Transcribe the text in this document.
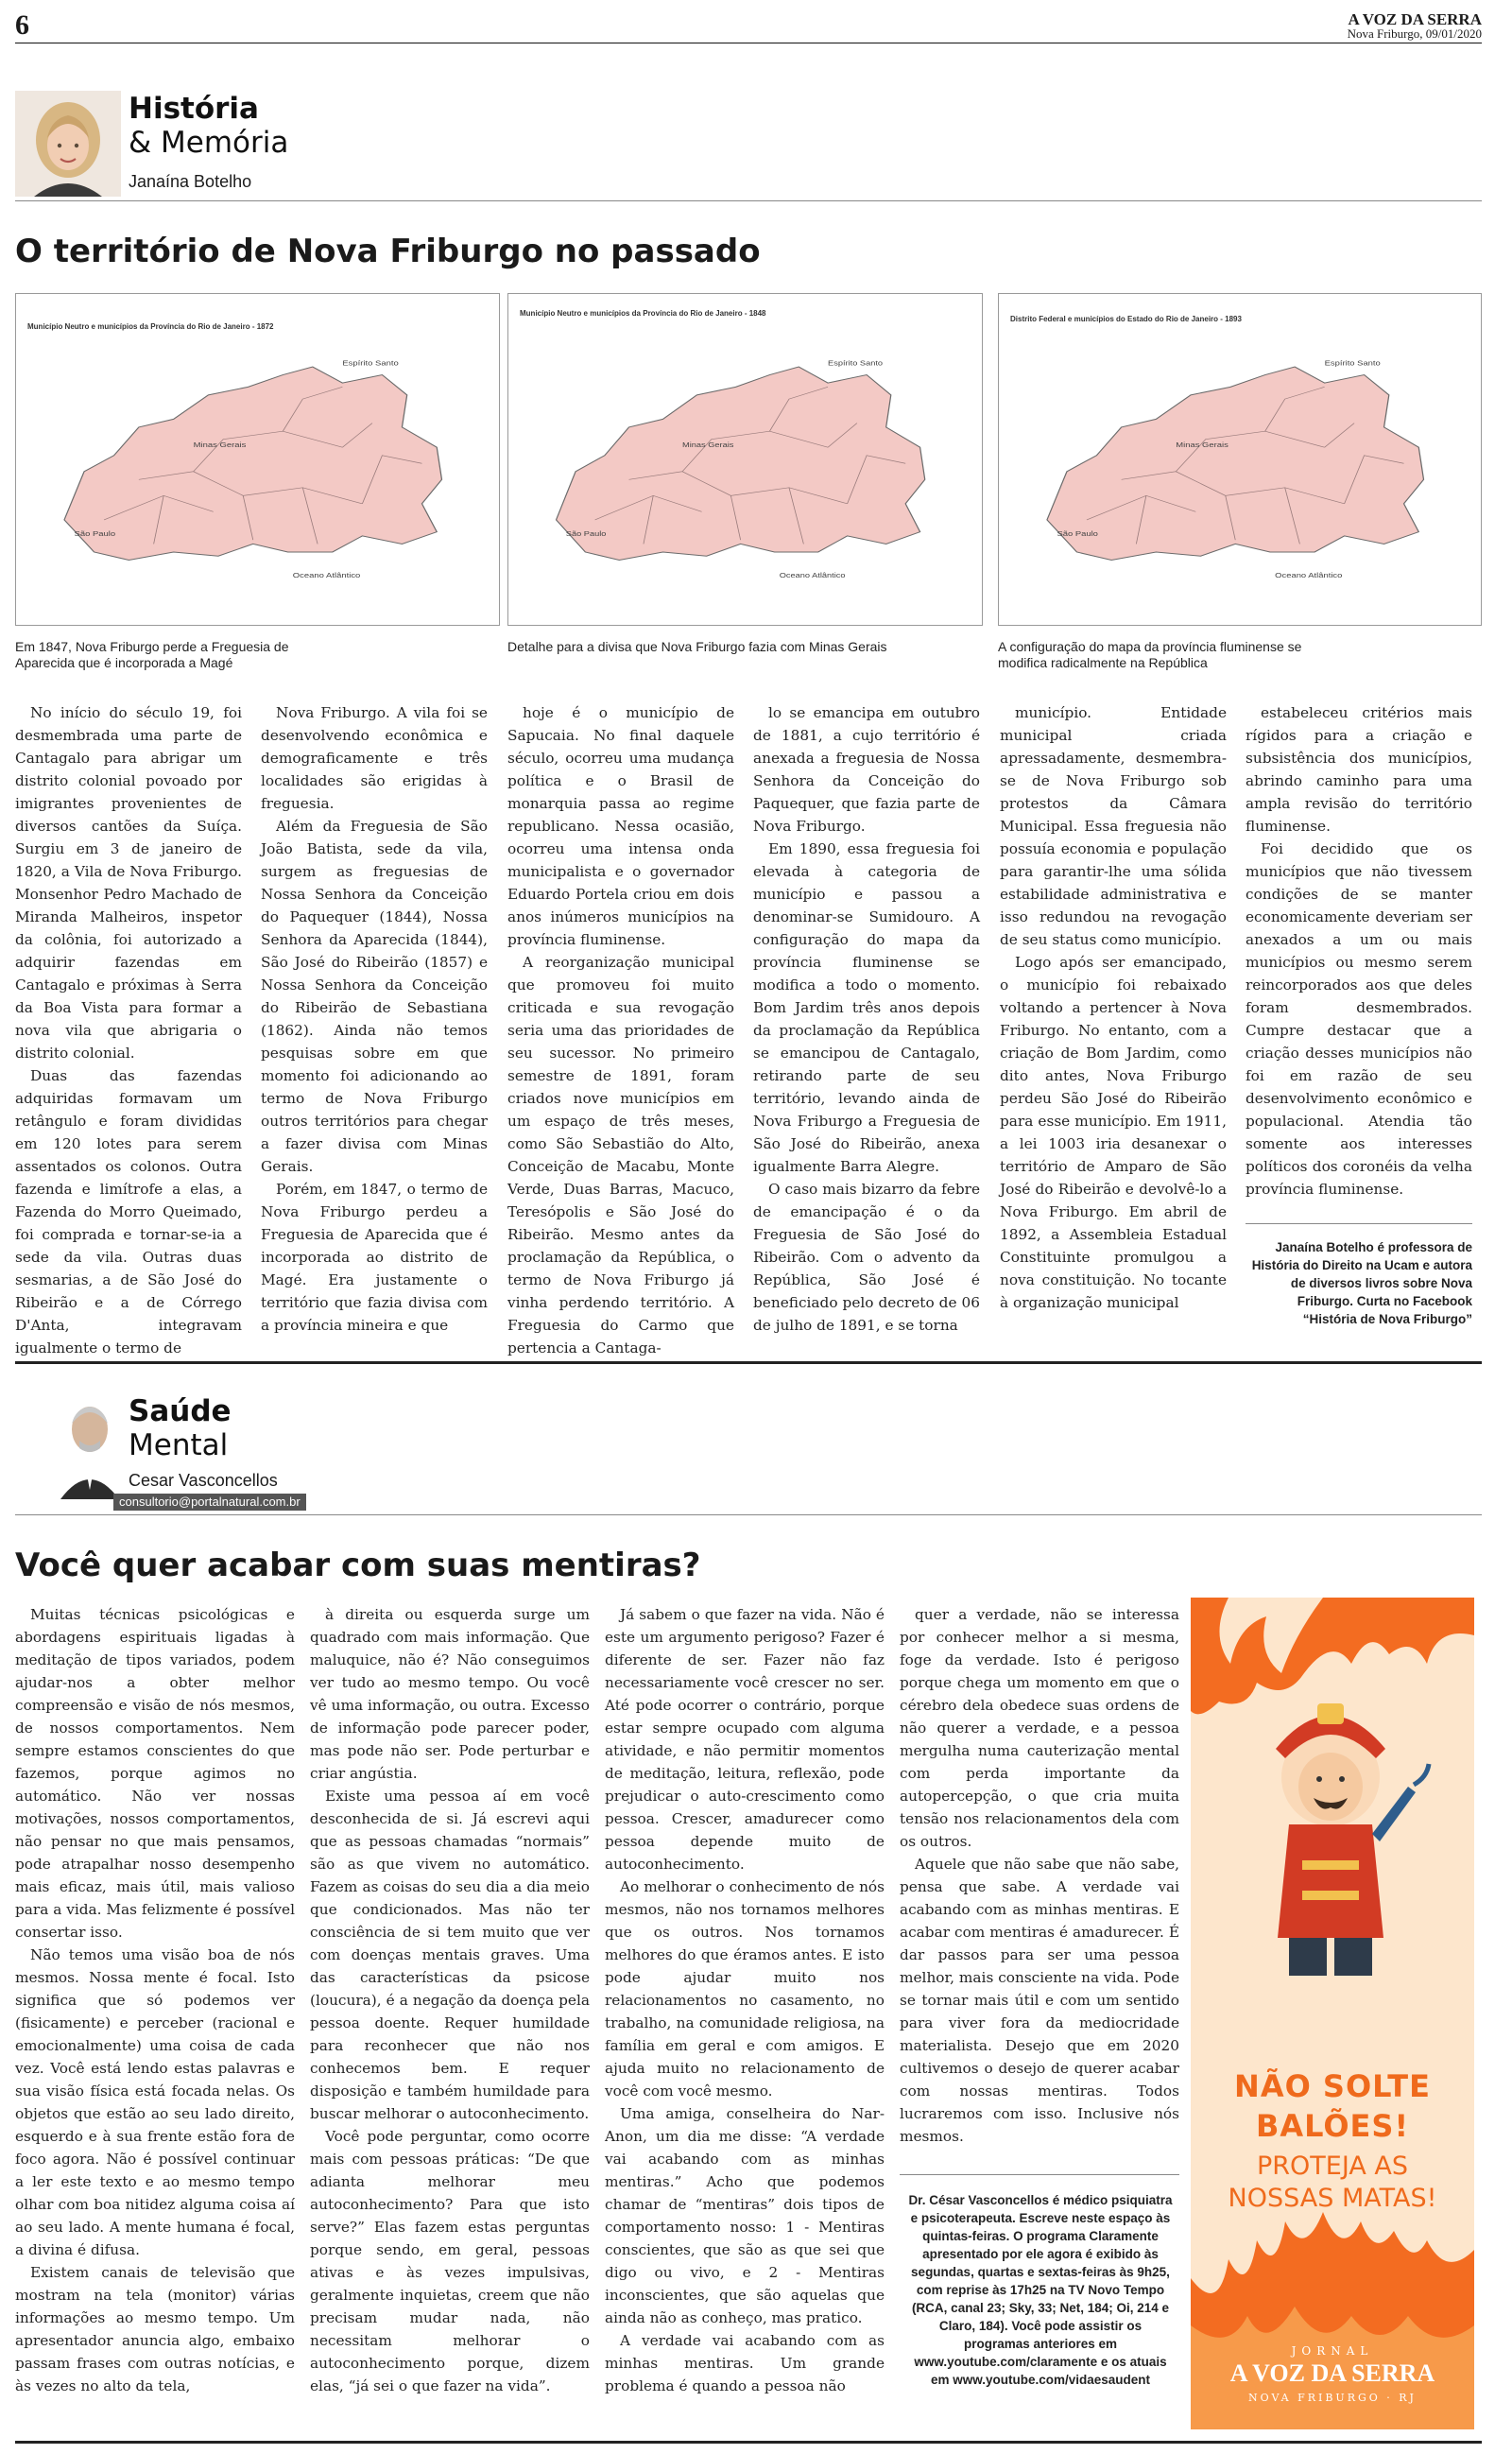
6	A VOZ DA SERRA
Nova Friburgo, 09/01/2020
História
& Memória
Janaína Botelho
O território de Nova Friburgo no passado
Minas Gerais
São Paulo
Espírito Santo
Oceano Atlântico
Município Neutro e municípios da Província do Rio de Janeiro - 1872
Minas Gerais
São Paulo
Espírito Santo
Oceano Atlântico
Município Neutro e municípios da Província do Rio de Janeiro - 1848
Minas Gerais
São Paulo
Espírito Santo
Oceano Atlântico
Distrito Federal e municípios do Estado do Rio de Janeiro - 1893
Em 1847, Nova Friburgo perde a Freguesia de Aparecida que é incorporada a Magé
Detalhe para a divisa que Nova Friburgo fazia com Minas Gerais	A configuração do mapa da província fluminense se modifica radicalmente na República

No início do século 19, foi desmembrada uma parte de Cantagalo para abrigar um distrito colonial povoado por imigrantes provenientes de diversos cantões da Suíça. Surgiu em 3 de janeiro de 1820, a Vila de Nova Friburgo. Monsenhor Pedro Machado de Miranda Malheiros, inspetor da colônia, foi autorizado a adquirir fazendas em Cantagalo e próximas à Serra da Boa Vista para formar a nova vila que abrigaria o distrito colonial.

Duas das fazendas adquiridas formavam um retângulo e foram divididas em 120 lotes para serem assentados os colonos. Outra fazenda e limítrofe a elas, a Fazenda do Morro Queimado, foi comprada e tornar-se-ia a sede da vila. Outras duas sesmarias, a de São José do Ribeirão e a de Córrego D'Anta, integravam igualmente o termo de

Nova Friburgo. A vila foi se desenvolvendo econômica e demograficamente e três localidades são erigidas à freguesia.

Além da Freguesia de São João Batista, sede da vila, surgem as freguesias de Nossa Senhora da Conceição do Paquequer (1844), Nossa Senhora da Aparecida (1844), São José do Ribeirão (1857) e Nossa Senhora da Conceição do Ribeirão de Sebastiana (1862). Ainda não temos pesquisas sobre em que momento foi adicionando ao termo de Nova Friburgo outros territórios para chegar a fazer divisa com Minas Gerais.

Porém, em 1847, o termo de Nova Friburgo perdeu a Freguesia de Aparecida que é incorporada ao distrito de Magé. Era justamente o território que fazia divisa com a província mineira e que

hoje é o município de Sapucaia. No final daquele século, ocorreu uma mudança política e o Brasil de monarquia passa ao regime republicano. Nessa ocasião, ocorreu uma intensa onda municipalista e o governador Eduardo Portela criou em dois anos inúmeros municípios na província fluminense.

A reorganização municipal que promoveu foi muito criticada e sua revogação seria uma das prioridades de seu sucessor. No primeiro semestre de 1891, foram criados nove municípios em um espaço de três meses, como São Sebastião do Alto, Conceição de Macabu, Monte Verde, Duas Barras, Macuco, Teresópolis e São José do Ribeirão. Mesmo antes da proclamação da República, o termo de Nova Friburgo já vinha perdendo território. A Freguesia do Carmo que pertencia a Cantaga-

lo se emancipa em outubro de 1881, a cujo território é anexada a freguesia de Nossa Senhora da Conceição do Paquequer, que fazia parte de Nova Friburgo.

Em 1890, essa freguesia foi elevada à categoria de município e passou a denominar-se Sumidouro. A configuração do mapa da província fluminense se modifica a todo o momento. Bom Jardim três anos depois da proclamação da República se emancipou de Cantagalo, retirando parte de seu território, levando ainda de Nova Friburgo a Freguesia de São José do Ribeirão, anexa igualmente Barra Alegre.

O caso mais bizarro da febre de emancipação é o da Freguesia de São José do Ribeirão. Com o advento da República, São José é beneficiado pelo decreto de 06 de julho de 1891, e se torna

município. Entidade municipal criada apressadamente, desmembra-se de Nova Friburgo sob protestos da Câmara Municipal. Essa freguesia não possuía economia e população para garantir-lhe uma sólida estabilidade administrativa e isso redundou na revogação de seu status como município.

Logo após ser emancipado, o município foi rebaixado voltando a pertencer à Nova Friburgo. No entanto, com a criação de Bom Jardim, como dito antes, Nova Friburgo perdeu São José do Ribeirão para esse município. Em 1911, a lei 1003 iria desanexar o território de Amparo de São José do Ribeirão e devolvê-lo a Nova Friburgo. Em abril de 1892, a Assembleia Estadual Constituinte promulgou a nova constituição. No tocante à organização municipal

estabeleceu critérios mais rígidos para a criação e subsistência dos municípios, abrindo caminho para uma ampla revisão do território fluminense.

Foi decidido que os municípios que não tivessem condições de se manter economicamente deveriam ser anexados a um ou mais municípios ou mesmo serem reincorporados aos que deles foram desmembrados. Cumpre destacar que a criação desses municípios não foi em razão de seu desenvolvimento econômico e populacional. Atendia tão somente aos interesses políticos dos coronéis da velha província fluminense.

Janaína Botelho é professora de História do Direito na Ucam e autora de diversos livros sobre Nova Friburgo. Curta no Facebook “História de Nova Friburgo”
Saúde
Mental
Cesar Vasconcellos
consultorio@portalnatural.com.br
Você quer acabar com suas mentiras?

Muitas técnicas psicológicas e abordagens espirituais ligadas à meditação de tipos variados, podem ajudar-nos a obter melhor compreensão e visão de nós mesmos, de nossos comportamentos. Nem sempre estamos conscientes do que fazemos, porque agimos no automático. Não ver nossas motivações, nossos comportamentos, não pensar no que mais pensamos, pode atrapalhar nosso desempenho mais eficaz, mais útil, mais valioso para a vida. Mas felizmente é possível consertar isso.

Não temos uma visão boa de nós mesmos. Nossa mente é focal. Isto significa que só podemos ver (fisicamente) e perceber (racional e emocionalmente) uma coisa de cada vez. Você está lendo estas palavras e sua visão física está focada nelas. Os objetos que estão ao seu lado direito, esquerdo e à sua frente estão fora de foco agora. Não é possível continuar a ler este texto e ao mesmo tempo olhar com boa nitidez alguma coisa aí ao seu lado. A mente humana é focal, a divina é difusa.

Existem canais de televisão que mostram na tela (monitor) várias informações ao mesmo tempo. Um apresentador anuncia algo, embaixo passam frases com outras notícias, e às vezes no alto da tela,

à direita ou esquerda surge um quadrado com mais informação. Que maluquice, não é? Não conseguimos ver tudo ao mesmo tempo. Ou você vê uma informação, ou outra. Excesso de informação pode parecer poder, mas pode não ser. Pode perturbar e criar angústia.

Existe uma pessoa aí em você desconhecida de si. Já escrevi aqui que as pessoas chamadas “normais” são as que vivem no automático. Fazem as coisas do seu dia a dia meio que condicionados. Mas não ter consciência de si tem muito que ver com doenças mentais graves. Uma das características da psicose (loucura), é a negação da doença pela pessoa doente. Requer humildade para reconhecer que não nos conhecemos bem. E requer disposição e também humildade para buscar melhorar o autoconhecimento.

Você pode perguntar, como ocorre mais com pessoas práticas: “De que adianta melhorar meu autoconhecimento? Para que isto serve?” Elas fazem estas perguntas porque sendo, em geral, pessoas ativas e às vezes impulsivas, geralmente inquietas, creem que não precisam mudar nada, não necessitam melhorar o autoconhecimento porque, dizem elas, “já sei o que fazer na vida”.

Já sabem o que fazer na vida. Não é este um argumento perigoso? Fazer é diferente de ser. Fazer não faz necessariamente você crescer no ser. Até pode ocorrer o contrário, porque estar sempre ocupado com alguma atividade, e não permitir momentos de meditação, leitura, reflexão, pode prejudicar o auto-crescimento como pessoa. Crescer, amadurecer como pessoa depende muito de autoconhecimento.

Ao melhorar o conhecimento de nós mesmos, não nos tornamos melhores que os outros. Nos tornamos melhores do que éramos antes. E isto pode ajudar muito nos relacionamentos no casamento, no trabalho, na comunidade religiosa, na família em geral e com amigos. E ajuda muito no relacionamento de você com você mesmo.

Uma amiga, conselheira do Nar-Anon, um dia me disse: “A verdade vai acabando com as minhas mentiras.” Acho que podemos chamar de “mentiras” dois tipos de comportamento nosso: 1 - Mentiras conscientes, que são as que sei que digo ou vivo, e 2 - Mentiras inconscientes, que são aquelas que ainda não as conheço, mas pratico.

A verdade vai acabando com as minhas mentiras. Um grande problema é quando a pessoa não

quer a verdade, não se interessa por conhecer melhor a si mesma, foge da verdade. Isto é perigoso porque chega um momento em que o cérebro dela obedece suas ordens de não querer a verdade, e a pessoa mergulha numa cauterização mental com perda importante da autopercepção, o que cria muita tensão nos relacionamentos dela com os outros.

Aquele que não sabe que não sabe, pensa que sabe. A verdade vai acabando com as minhas mentiras. E acabar com mentiras é amadurecer. É dar passos para ser uma pessoa melhor, mais consciente na vida. Pode se tornar mais útil e com um sentido para viver fora da mediocridade materialista. Desejo que em 2020 cultivemos o desejo de querer acabar com nossas mentiras. Todos lucraremos com isso. Inclusive nós mesmos.

Dr. César Vasconcellos é médico psiquiatra e psicoterapeuta. Escreve neste espaço às quintas-feiras. O programa Claramente apresentado por ele agora é exibido às segundas, quartas e sextas-feiras às 9h25, com reprise às 17h25 na TV Novo Tempo (RCA, canal 23; Sky, 33; Net, 184; Oi, 214 e Claro, 184). Você pode assistir os programas anteriores em www.youtube.com/claramente e os atuais em www.youtube.com/vidaesaudent
NÃO SOLTE
BALÕES!
PROTEJA AS
NOSSAS MATAS!
JORNAL
A VOZ DA SERRA
NOVA FRIBURGO · RJ
